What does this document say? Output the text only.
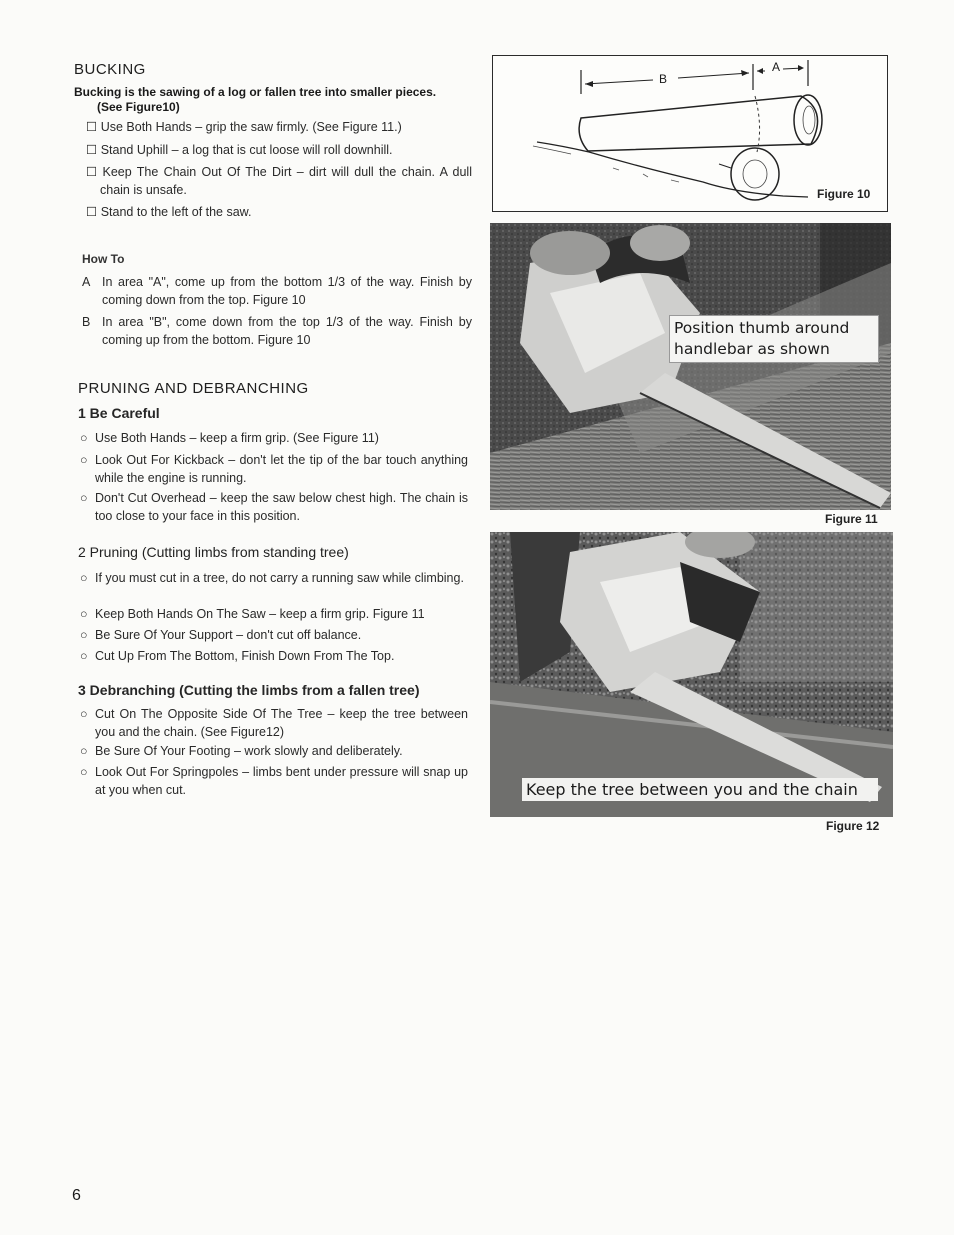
BUCKING
Bucking is the sawing of a log or fallen tree into smaller pieces.
(See Figure10)
☐ Use Both Hands – grip the saw firmly. (See Figure 11.)
☐ Stand Uphill – a log that is cut loose will roll downhill.
☐ Keep The Chain Out Of The Dirt – dirt will dull the chain. A dull chain is unsafe.
☐ Stand to the left of the saw.
How To
A In area "A", come up from the bottom 1/3 of the way. Finish by coming down from the top. Figure 10
B In area "B", come down from the top 1/3 of the way. Finish by coming up from the bottom. Figure 10
PRUNING AND DEBRANCHING
1 Be Careful
○ Use Both Hands – keep a firm grip. (See Figure 11)
○ Look Out For Kickback – don't let the tip of the bar touch anything while the engine is running.
○ Don't Cut Overhead – keep the saw below chest high. The chain is too close to your face in this position.
2 Pruning (Cutting limbs from standing tree)
○ If you must cut in a tree, do not carry a running saw while climbing.
○ Keep Both Hands On The Saw – keep a firm grip. Figure 11
○ Be Sure Of Your Support – don't cut off balance.
○ Cut Up From The Bottom, Finish Down From The Top.
3 Debranching (Cutting the limbs from a fallen tree)
○ Cut On The Opposite Side Of The Tree – keep the tree between you and the chain. (See Figure12)
○ Be Sure Of Your Footing – work slowly and deliberately.
○ Look Out For Springpoles – limbs bent under pressure will snap up at you when cut.
B
A
Figure 10
Position thumb around
handlebar as shown
Figure 11
Keep the tree between you and the chain
Figure 12
6
